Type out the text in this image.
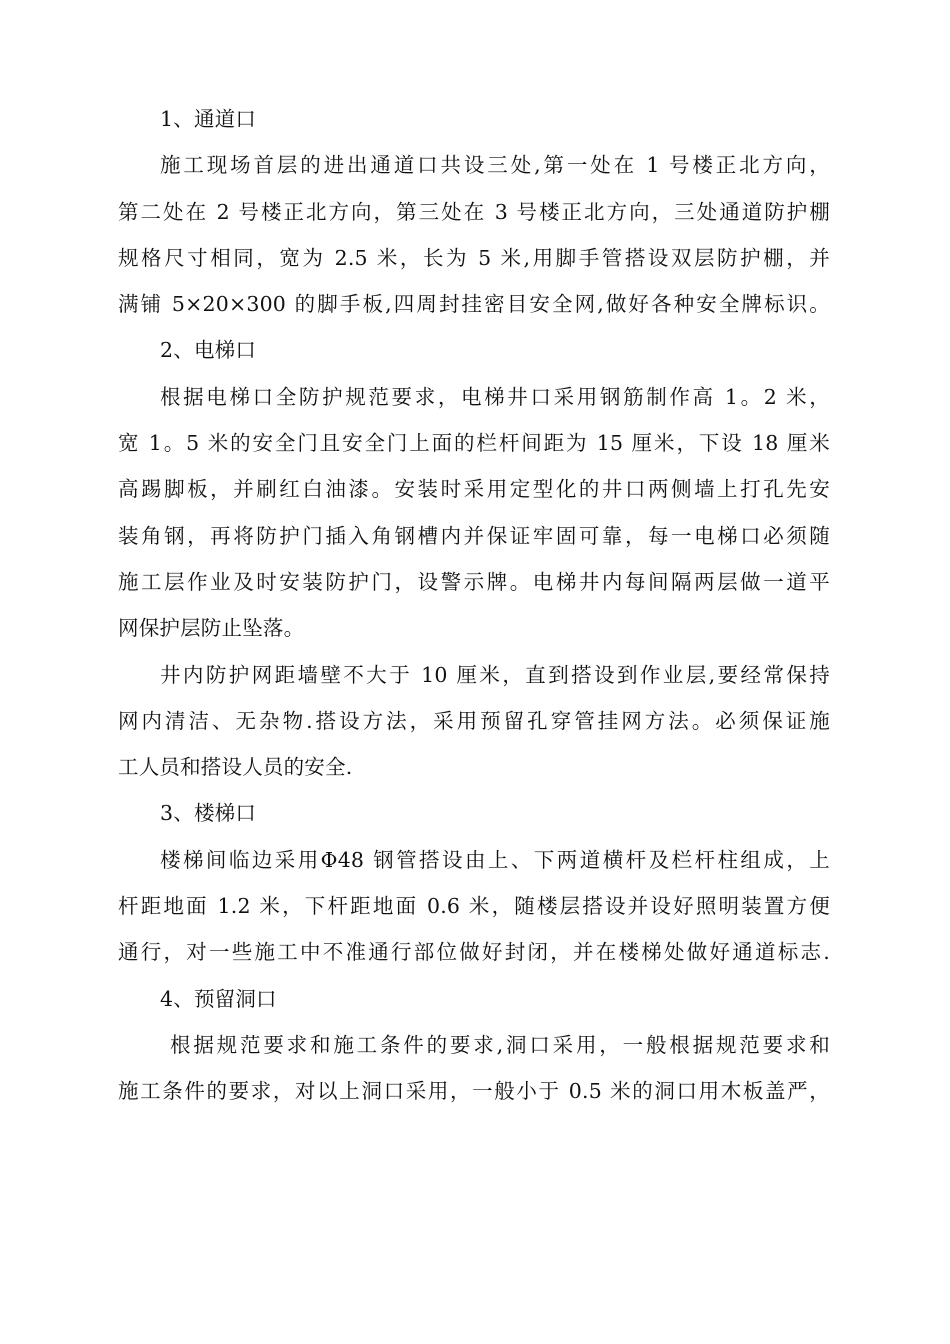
1、通道口

施工现场首层的进出通道口共设三处,第一处在 1 号楼正北方向，
第二处在 2 号楼正北方向，第三处在 3 号楼正北方向，三处通道防护棚
规格尺寸相同，宽为 2.5 米，长为 5 米,用脚手管搭设双层防护棚，并
满铺 5×20×300 的脚手板,四周封挂密目安全网,做好各种安全牌标识。

2、电梯口

根据电梯口全防护规范要求，电梯井口采用钢筋制作高 1。2 米，
宽 1。5 米的安全门且安全门上面的栏杆间距为 15 厘米，下设 18 厘米
高踢脚板，并刷红白油漆。安装时采用定型化的井口两侧墙上打孔先安
装角钢，再将防护门插入角钢槽内并保证牢固可靠，每一电梯口必须随
施工层作业及时安装防护门，设警示牌。电梯井内每间隔两层做一道平
网保护层防止坠落。
井内防护网距墙壁不大于 10 厘米，直到搭设到作业层,要经常保持
网内清洁、无杂物.搭设方法，采用预留孔穿管挂网方法。必须保证施
工人员和搭设人员的安全.

3、楼梯口

楼梯间临边采用Φ48 钢管搭设由上、下两道横杆及栏杆柱组成，上
杆距地面 1.2 米，下杆距地面 0.6 米，随楼层搭设并设好照明装置方便
通行，对一些施工中不准通行部位做好封闭，并在楼梯处做好通道标志.

4、预留洞口

根据规范要求和施工条件的要求,洞口采用，一般根据规范要求和
施工条件的要求，对以上洞口采用，一般小于 0.5 米的洞口用木板盖严，
